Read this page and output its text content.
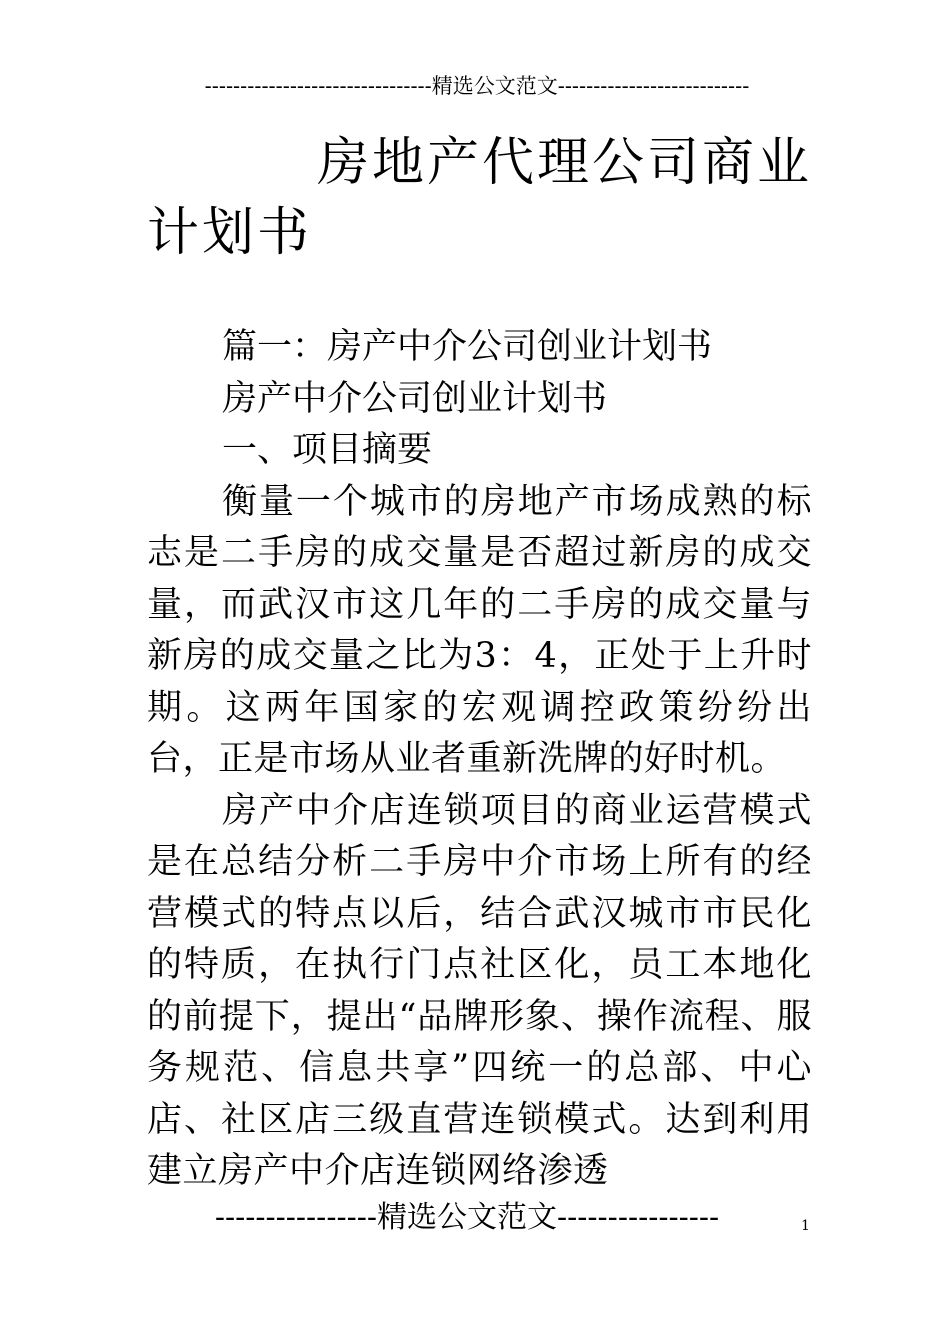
--------------------------------精选公文范文---------------------------
房地产代理公司商业计划书

篇一：房产中介公司创业计划书

房产中介公司创业计划书

一、项目摘要

衡量一个城市的房地产市场成熟的标志是二手房的成交量是否超过新房的成交量，而武汉市这几年的二手房的成交量与新房的成交量之比为3：4，正处于上升时期。这两年国家的宏观调控政策纷纷出台，正是市场从业者重新洗牌的好时机。

房产中介店连锁项目的商业运营模式是在总结分析二手房中介市场上所有的经营模式的特点以后，结合武汉城市市民化的特质，在执行门点社区化，员工本地化的前提下，提出“品牌形象、操作流程、服务规范、信息共享”四统一的总部、中心店、社区店三级直营连锁模式。达到利用建立房产中介店连锁网络渗透

----------------精选公文范文----------------	1
